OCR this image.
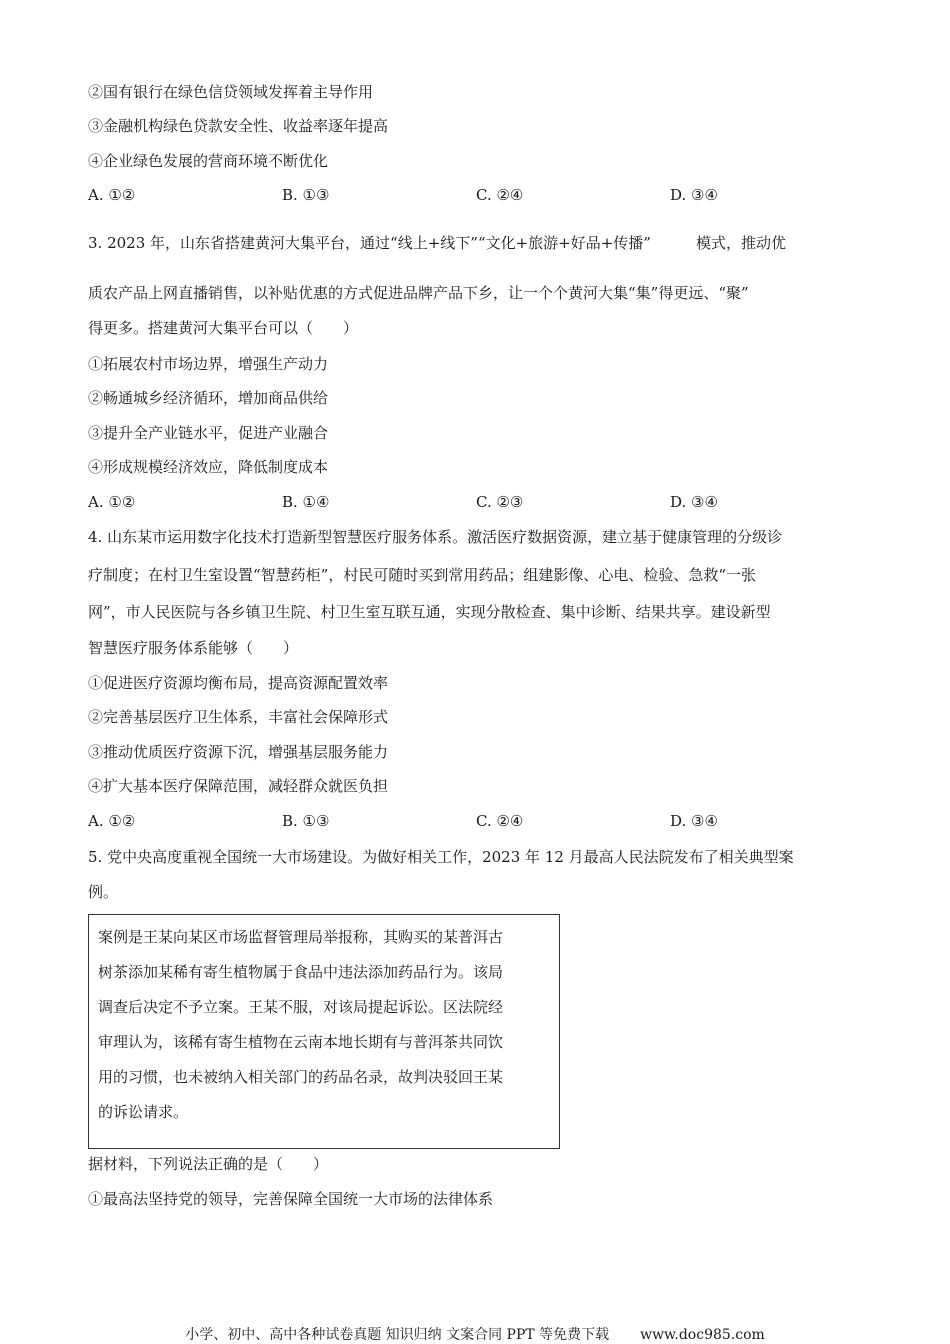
②国有银行在绿色信贷领域发挥着主导作用
③金融机构绿色贷款安全性、收益率逐年提高
④企业绿色发展的营商环境不断优化
A. ①②	B. ①③	C. ②④	D. ③④
3. 2023 年，山东省搭建黄河大集平台，通过“线上+线下”“文化+旅游+好品+传播”　　　模式，推动优
质农产品上网直播销售，以补贴优惠的方式促进品牌产品下乡，让一个个黄河大集“集”得更远、“聚”
得更多。搭建黄河大集平台可以（　　）
①拓展农村市场边界，增强生产动力
②畅通城乡经济循环，增加商品供给
③提升全产业链水平，促进产业融合
④形成规模经济效应，降低制度成本
A. ①②	B. ①④	C. ②③	D. ③④
4. 山东某市运用数字化技术打造新型智慧医疗服务体系。激活医疗数据资源，建立基于健康管理的分级诊
疗制度；在村卫生室设置“智慧药柜”，村民可随时买到常用药品；组建影像、心电、检验、急救“一张
网”，市人民医院与各乡镇卫生院、村卫生室互联互通，实现分散检查、集中诊断、结果共享。建设新型
智慧医疗服务体系能够（　　）
①促进医疗资源均衡布局，提高资源配置效率
②完善基层医疗卫生体系，丰富社会保障形式
③推动优质医疗资源下沉，增强基层服务能力
④扩大基本医疗保障范围，减轻群众就医负担
A. ①②	B. ①③	C. ②④	D. ③④
5. 党中央高度重视全国统一大市场建设。为做好相关工作，2023 年 12 月最高人民法院发布了相关典型案
例。
案例是王某向某区市场监督管理局举报称，其购买的某普洱古
树茶添加某稀有寄生植物属于食品中违法添加药品行为。该局
调查后决定不予立案。王某不服，对该局提起诉讼。区法院经
审理认为，该稀有寄生植物在云南本地长期有与普洱茶共同饮
用的习惯，也未被纳入相关部门的药品名录，故判决驳回王某
的诉讼请求。
据材料，下列说法正确的是（　　）
①最高法坚持党的领导，完善保障全国统一大市场的法律体系
小学、初中、高中各种试卷真题 知识归纳 文案合同 PPT 等免费下载 www.doc985.com
